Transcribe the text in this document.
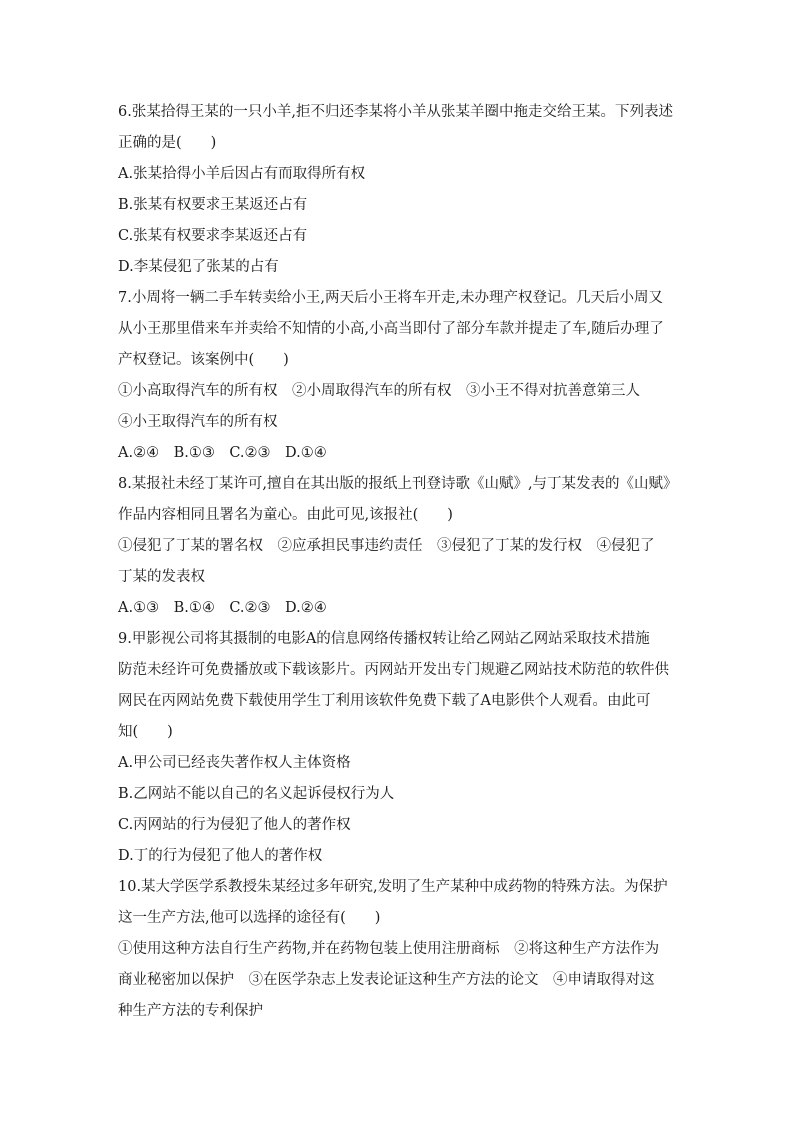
6.张某拾得王某的一只小羊,拒不归还李某将小羊从张某羊圈中拖走交给王某。下列表述
正确的是(　　)
A.张某拾得小羊后因占有而取得所有权
B.张某有权要求王某返还占有
C.张某有权要求李某返还占有
D.李某侵犯了张某的占有
7.小周将一辆二手车转卖给小王,两天后小王将车开走,未办理产权登记。几天后小周又
从小王那里借来车并卖给不知情的小高,小高当即付了部分车款并提走了车,随后办理了
产权登记。该案例中(　　)
①小高取得汽车的所有权　②小周取得汽车的所有权　③小王不得对抗善意第三人
④小王取得汽车的所有权
A.②④　B.①③　C.②③　D.①④
8.某报社未经丁某许可,擅自在其出版的报纸上刊登诗歌《山赋》,与丁某发表的《山赋》
作品内容相同且署名为童心。由此可见,该报社(　　)
①侵犯了丁某的署名权　②应承担民事违约责任　③侵犯了丁某的发行权　④侵犯了
丁某的发表权
A.①③　B.①④　C.②③　D.②④
9.甲影视公司将其摄制的电影A的信息网络传播权转让给乙网站乙网站采取技术措施
防范未经许可免费播放或下载该影片。丙网站开发出专门规避乙网站技术防范的软件供
网民在丙网站免费下载使用学生丁利用该软件免费下载了A电影供个人观看。由此可
知(　　)
A.甲公司已经丧失著作权人主体资格
B.乙网站不能以自己的名义起诉侵权行为人
C.丙网站的行为侵犯了他人的著作权
D.丁的行为侵犯了他人的著作权
10.某大学医学系教授朱某经过多年研究,发明了生产某种中成药物的特殊方法。为保护
这一生产方法,他可以选择的途径有(　　)
①使用这种方法自行生产药物,并在药物包装上使用注册商标　②将这种生产方法作为
商业秘密加以保护　③在医学杂志上发表论证这种生产方法的论文　④申请取得对这
种生产方法的专利保护
